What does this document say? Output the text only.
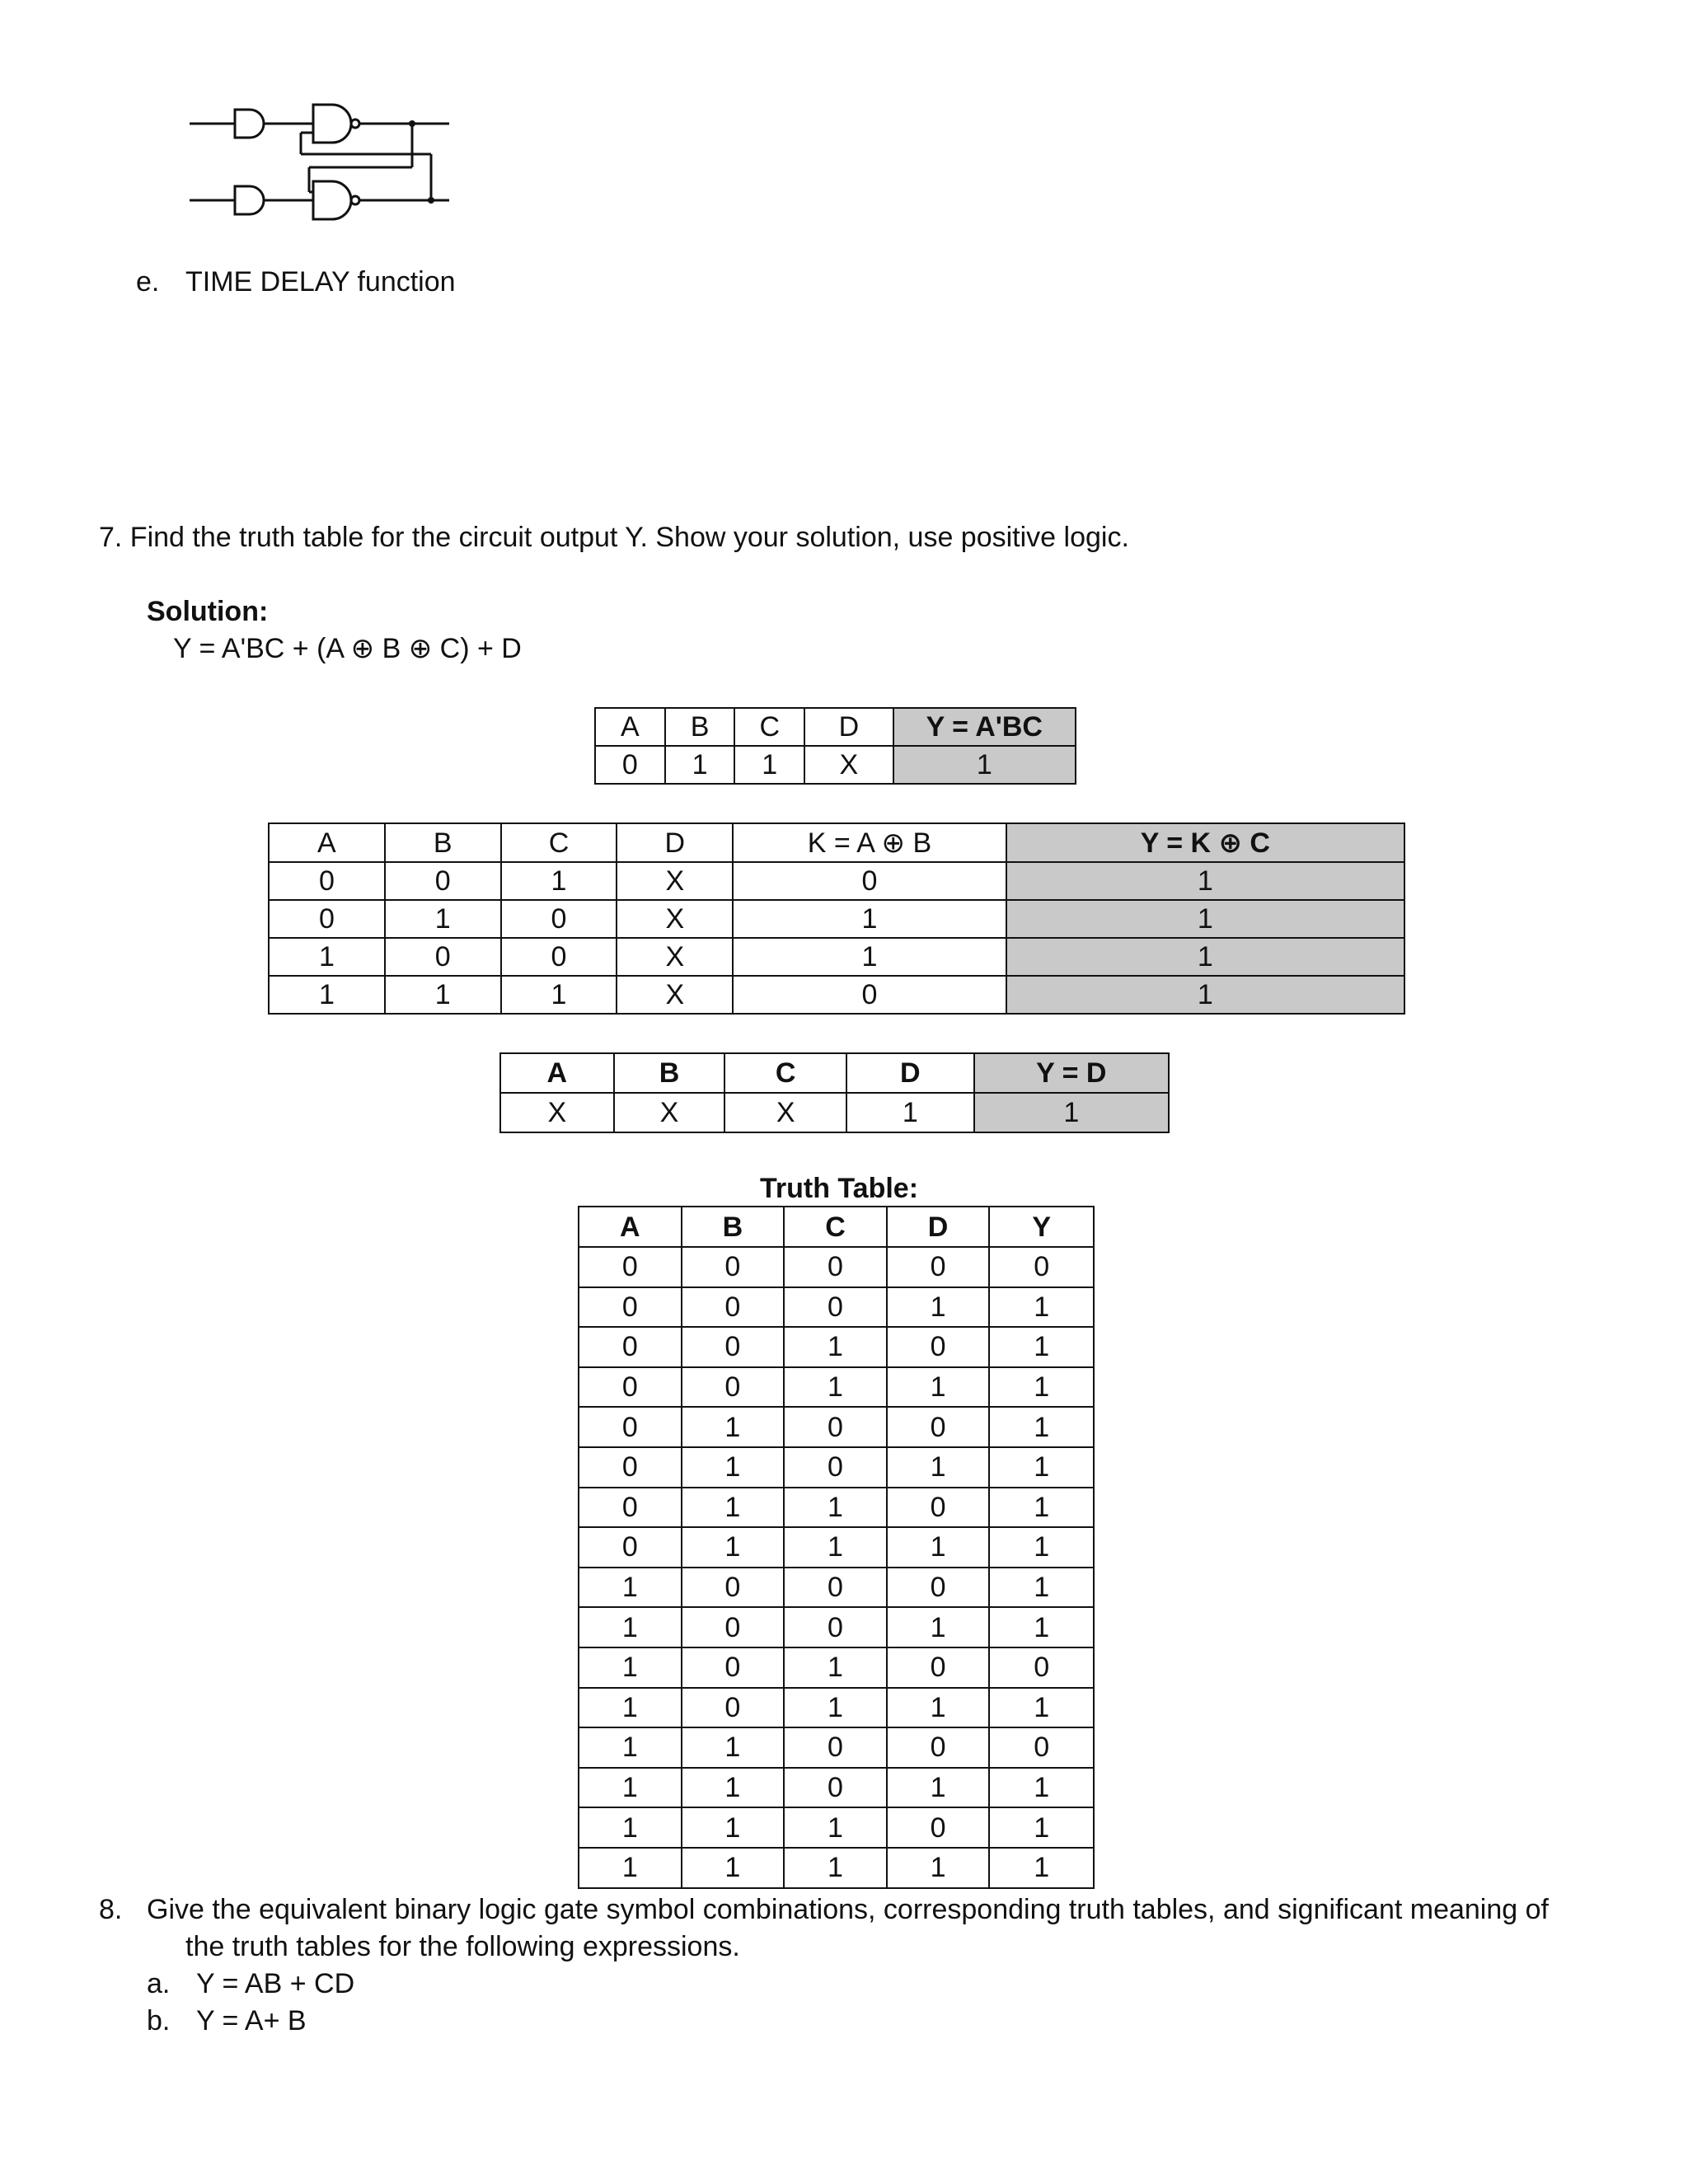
e. TIME DELAY function
7. Find the truth table for the circuit output Y. Show your solution, use positive logic.
Solution:
Y = A'BC + (A ⊕ B ⊕ C) + D
A	B	C	D	Y = A'BC
0	1	1	X	1
A	B	C	D	K = A ⊕ B	Y = K ⊕ C
0	0	1	X	0	1
0	1	0	X	1	1
1	0	0	X	1	1
1	1	1	X	0	1
A	B	C	D	Y = D
X	X	X	1	1
Truth Table:
A	B	C	D	Y
0	0	0	0	0
0	0	0	1	1
0	0	1	0	1
0	0	1	1	1
0	1	0	0	1
0	1	0	1	1
0	1	1	0	1
0	1	1	1	1
1	0	0	0	1
1	0	0	1	1
1	0	1	0	0
1	0	1	1	1
1	1	0	0	0
1	1	0	1	1
1	1	1	0	1
1	1	1	1	1
8. Give the equivalent binary logic gate symbol combinations, corresponding truth tables, and significant meaning of
the truth tables for the following expressions.
a. Y = AB + CD
b. Y = A+ B
